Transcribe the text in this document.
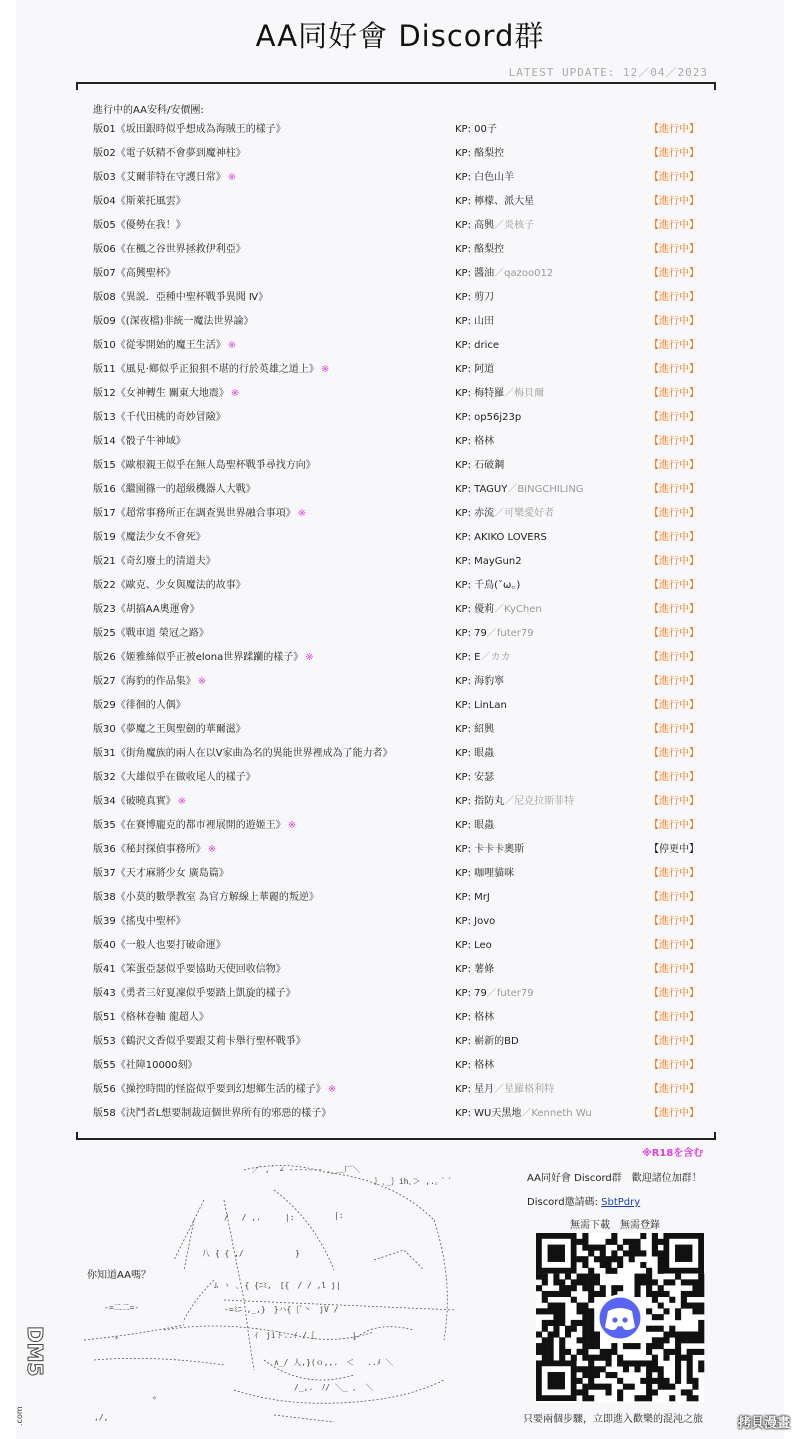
AA同好會 Discord群
LATEST UPDATE: 12／04／2023
進行中的AA安科/安價團:
版01《坂田銀時似乎想成為海賊王的樣子》	KP: 00子	【進行中】
版02《電子妖精不會夢到魔神柱》	KP: 酪梨控	【進行中】
版03《艾爾菲特在守護日常》 ※	KP: 白色山羊	【進行中】
版04《斯萊托風雲》	KP: 檸檬、派大星	【進行中】
版05《優勢在我！》	KP: 高興／炎核子	【進行中】
版06《在楓之谷世界拯救伊利亞》	KP: 酪梨控	【進行中】
版07《高興聖杯》	KP: 醬油／qazoo012	【進行中】
版08《異説．亞種中聖杯戰爭異聞 Ⅳ》	KP: 剪刀	【進行中】
版09《(深夜檔)非統一魔法世界論》	KP: 山田	【進行中】
版10《從零開始的魔王生活》 ※	KP: drice	【進行中】
版11《風見‧鄉似乎正狼狽不堪的行於英雄之道上》 ※	KP: 阿道	【進行中】
版12《女神轉生 關東大地震》 ※	KP: 梅特羅／梅貝爾	【進行中】
版13《千代田桃的奇妙冒險》	KP: op56j23p	【進行中】
版14《骰子牛神域》	KP: 格林	【進行中】
版15《歐根親王似乎在無人島聖杯戰爭尋找方向》	KP: 石破鋼	【進行中】
版16《繼園篠一的超級機器人大戰》	KP: TAGUY／BINGCHILING	【進行中】
版17《超常事務所正在調查異世界融合事項》 ※	KP: 赤流／可樂愛好者	【進行中】
版19《魔法少女不會死》	KP: AKIKO LOVERS	【進行中】
版21《奇幻廢土的清道夫》	KP: MayGun2	【進行中】
版22《歐克、少女與魔法的故事》	KP: 千鳥(˘ω。)	【進行中】
版23《胡搞AA奧運會》	KP: 優莉／KyChen	【進行中】
版25《戰車道 榮冠之路》	KP: 79／futer79	【進行中】
版26《姬雅絲似乎正被elona世界蹂躪的樣子》 ※	KP: E／カカ	【進行中】
版27《海豹的作品集》 ※	KP: 海豹寧	【進行中】
版29《徘徊的人偶》	KP: LinLan	【進行中】
版30《夢魔之王與聖劍的華爾滋》	KP: 紹興	【進行中】
版31《街角魔族的兩人在以V家曲為名的異能世界裡成為了能力者》	KP: 眼蟲	【進行中】
版32《大雄似乎在做收尾人的樣子》	KP: 安瑟	【進行中】
版34《破曉真實》 ※	KP: 指防丸／尼克拉斯菲特	【進行中】
版35《在賽博龐克的都市裡展開的遊姬王》 ※	KP: 眼蟲	【進行中】
版36《秘封探偵事務所》 ※	KP: 卡卡卡奧斯	【停更中】
版37《天才麻將少女 廣島篇》	KP: 咖哩貓咪	【進行中】
版38《小莫的數學教室 為官方解線上華麗的叛逆》	KP: MrJ	【進行中】
版39《搖曳中聖杯》	KP: Jovo	【進行中】
版40《一般人也要打破命運》	KP: Leo	【進行中】
版41《笨蛋亞瑟似乎要協助天使回收信物》	KP: 薯條	【進行中】
版43《勇者三好夏凜似乎要踏上凱旋的樣子》	KP: 79／futer79	【進行中】
版51《格林卷軸 龍超人》	KP: 格林	【進行中】
版53《鶴沢文香似乎要跟艾莉卡舉行聖杯戰爭》	KP: 嶄新的BD	【進行中】
版55《社障10000刻》	KP: 格林	【進行中】
版56《操控時間的怪盜似乎要到幻想鄉生活的樣子》 ※	KP: 星月／星羅格利特	【進行中】
版58《決鬥者L想要制裁這個世界所有的邪惡的樣子》	KP: WU天黑地／Kenneth Wu	【進行中】
※R18を含む
／ ,´ ∠ ‐‐‐‐‐‐‐ ､_＿厂＼
｝､_｝ih､＞ ,.｡｀´
/ 　/ ,.　　　|:	|:
八 { { ,/ 　　 　 　 }
ﾑ ヽ ､ { {ﾆﾐ,　[{　/ / ,l j|
-=ﾐﾆ ,_,}　}ハ{ {ﾞ丶　jV /
ｲ　jiト..ｲ /｛　　　　 |
∧_/ 人,}(ｏ,,.　＜　 ..ﾒ ＼
/_,.　ﾉ/ ＼_ 、 ＼
-=二二=-
✧
✧
,/,
你知道AA嗎？
AA同好會 Discord群　歡迎諸位加群！
Discord邀請碼: SbtPdry
無需下載　無需登錄
只要兩個步驟，立即進入歡樂的混沌之旅
DM5
.com	拷貝漫畫
